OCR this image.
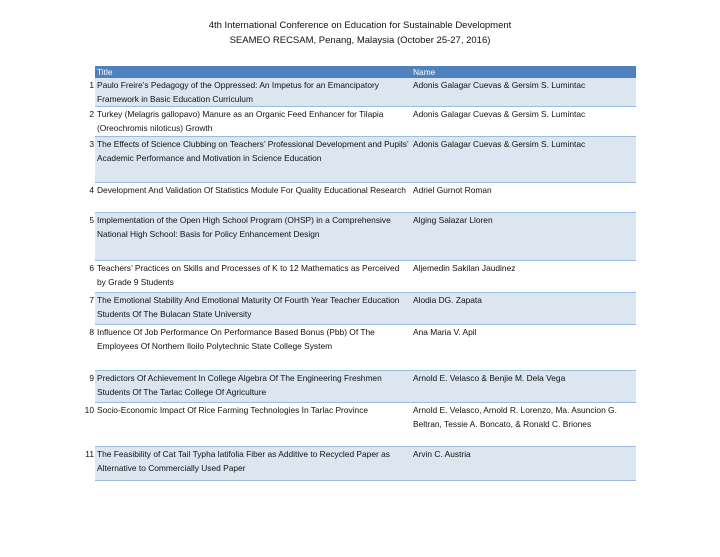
4th International Conference on Education for Sustainable Development
SEAMEO RECSAM, Penang, Malaysia (October 25-27, 2016)
	Title	Name
1	Paulo Freire’s Pedagogy of the Oppressed: An Impetus for an Emancipatory Framework in Basic Education Curriculum	Adonis Galagar Cuevas & Gersim S. Lumintac
2	Turkey (Melagris gallopavo) Manure as an Organic Feed Enhancer for Tilapia (Oreochromis niloticus) Growth	Adonis Galagar Cuevas & Gersim S. Lumintac
3	The Effects of Science Clubbing on Teachers’ Professional Development and Pupils’ Academic Performance and Motivation in Science Education	Adonis Galagar Cuevas & Gersim S. Lumintac
4	Development And Validation Of Statistics Module For Quality Educational Research	Adriel Gurnot Roman
5	Implementation of the Open High School Program (OHSP) in a Comprehensive National High School: Basis for Policy Enhancement Design	Alging Salazar Lloren
6	Teachers’ Practices on Skills and Processes of K to 12 Mathematics as Perceived by Grade 9 Students	Aljemedin Sakilan Jaudinez
7	The Emotional Stability And Emotional Maturity Of Fourth Year Teacher Education Students Of The Bulacan State University	Alodia DG. Zapata
8	Influence Of Job Performance On Performance Based Bonus (Pbb) Of The Employees Of Northern Iloilo Polytechnic State College System	Ana Maria V. Apil
9	Predictors Of Achievement In College Algebra Of The Engineering Freshmen Students Of The Tarlac College Of Agriculture	Arnold E. Velasco & Benjie M. Dela Vega
10	Socio-Economic Impact Of Rice Farming Technologies In Tarlac Province	Arnold E. Velasco, Arnold R. Lorenzo, Ma. Asuncion G. Beltran, Tessie A. Boncato, & Ronald C. Briones
11	The Feasibility of Cat Tail Typha latifolia Fiber as Additive to Recycled Paper as Alternative to Commercially Used Paper	Arvin C. Austria
